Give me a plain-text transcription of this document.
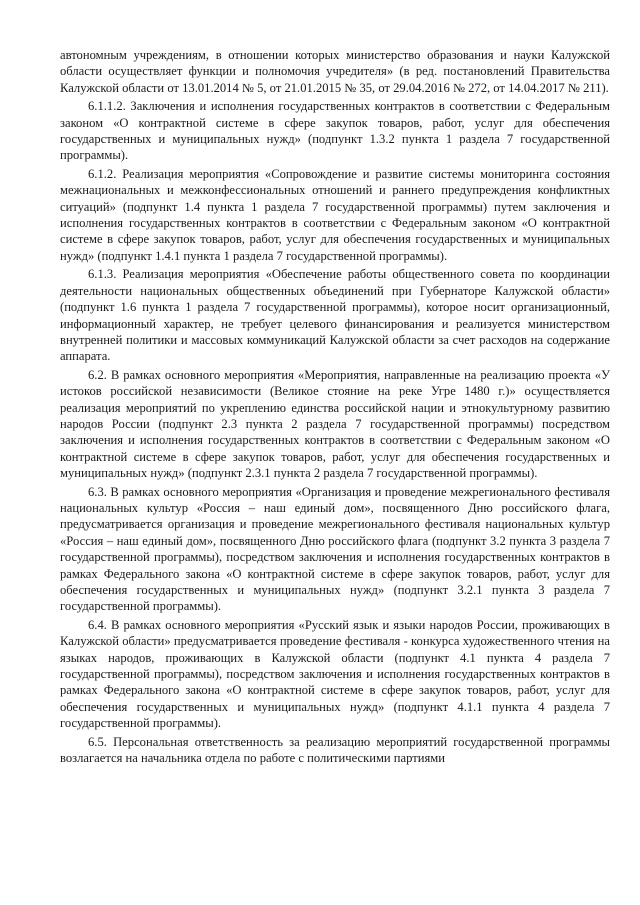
автономным учреждениям, в отношении которых министерство образования и науки Калужской области осуществляет функции и полномочия учредителя» (в ред. постановлений Правительства Калужской области от 13.01.2014 № 5, от 21.01.2015 № 35, от 29.04.2016 № 272, от 14.04.2017 № 211).

6.1.1.2. Заключения и исполнения государственных контрактов в соответствии с Федеральным законом «О контрактной системе в сфере закупок товаров, работ, услуг для обеспечения государственных и муниципальных нужд» (подпункт 1.3.2 пункта 1 раздела 7 государственной программы).

6.1.2. Реализация мероприятия «Сопровождение и развитие системы мониторинга состояния межнациональных и межконфессиональных отношений и раннего предупреждения конфликтных ситуаций» (подпункт 1.4 пункта 1 раздела 7 государственной программы) путем заключения и исполнения государственных контрактов в соответствии с Федеральным законом «О контрактной системе в сфере закупок товаров, работ, услуг для обеспечения государственных и муниципальных нужд» (подпункт 1.4.1 пункта 1 раздела 7 государственной программы).

6.1.3. Реализация мероприятия «Обеспечение работы общественного совета по координации деятельности национальных общественных объединений при Губернаторе Калужской области» (подпункт 1.6 пункта 1 раздела 7 государственной программы), которое носит организационный, информационный характер, не требует целевого финансирования и реализуется министерством внутренней политики и массовых коммуникаций Калужской области за счет расходов на содержание аппарата.

6.2. В рамках основного мероприятия «Мероприятия, направленные на реализацию проекта «У истоков российской независимости (Великое стояние на реке Угре 1480 г.)» осуществляется реализация мероприятий по укреплению единства российской нации и этнокультурному развитию народов России (подпункт 2.3 пункта 2 раздела 7 государственной программы) посредством заключения и исполнения государственных контрактов в соответствии с Федеральным законом «О контрактной системе в сфере закупок товаров, работ, услуг для обеспечения государственных и муниципальных нужд» (подпункт 2.3.1 пункта 2 раздела 7 государственной программы).

6.3. В рамках основного мероприятия «Организация и проведение межрегионального фестиваля национальных культур «Россия – наш единый дом», посвященного Дню российского флага, предусматривается организация и проведение межрегионального фестиваля национальных культур «Россия – наш единый дом», посвященного Дню российского флага (подпункт 3.2 пункта 3 раздела 7 государственной программы), посредством заключения и исполнения государственных контрактов в рамках Федерального закона «О контрактной системе в сфере закупок товаров, работ, услуг для обеспечения государственных и муниципальных нужд» (подпункт 3.2.1 пункта 3 раздела 7 государственной программы).

6.4. В рамках основного мероприятия «Русский язык и языки народов России, проживающих в Калужской области» предусматривается проведение фестиваля - конкурса художественного чтения на языках народов, проживающих в Калужской области (подпункт 4.1 пункта 4 раздела 7 государственной программы), посредством заключения и исполнения государственных контрактов в рамках Федерального закона «О контрактной системе в сфере закупок товаров, работ, услуг для обеспечения государственных и муниципальных нужд» (подпункт 4.1.1 пункта 4 раздела 7 государственной программы).

6.5. Персональная ответственность за реализацию мероприятий государственной программы возлагается на начальника отдела по работе с политическими партиями
